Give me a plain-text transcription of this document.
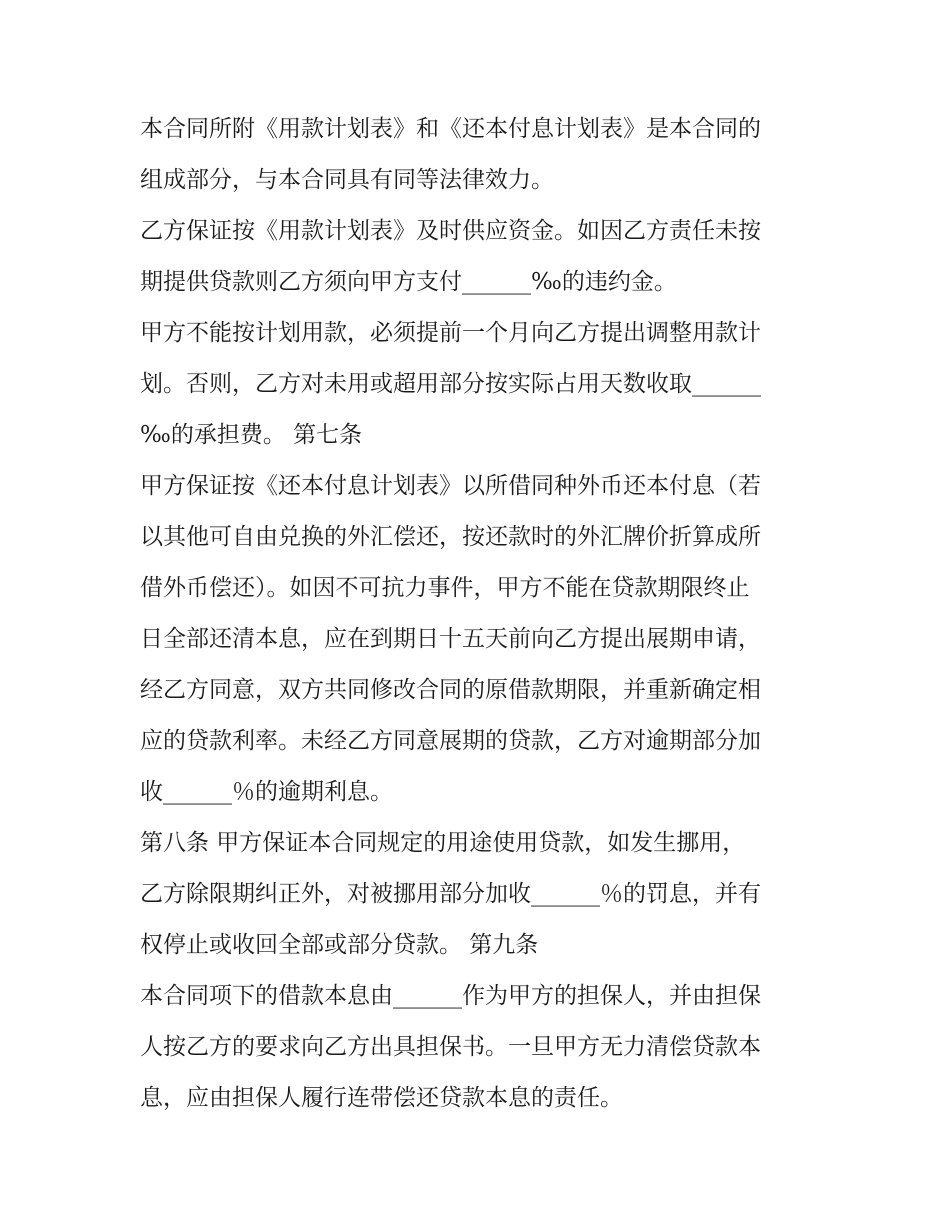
本合同所附《用款计划表》和《还本付息计划表》是本合同的
组成部分，与本合同具有同等法律效力。
乙方保证按《用款计划表》及时供应资金。如因乙方责任未按
期提供贷款则乙方须向甲方支付______‰的违约金。
甲方不能按计划用款，必须提前一个月向乙方提出调整用款计
划。否则，乙方对未用或超用部分按实际占用天数收取______
‰的承担费。 第七条
甲方保证按《还本付息计划表》以所借同种外币还本付息（若
以其他可自由兑换的外汇偿还，按还款时的外汇牌价折算成所
借外币偿还）。如因不可抗力事件，甲方不能在贷款期限终止
日全部还清本息，应在到期日十五天前向乙方提出展期申请，
经乙方同意，双方共同修改合同的原借款期限，并重新确定相
应的贷款利率。未经乙方同意展期的贷款，乙方对逾期部分加
收______％的逾期利息。
第八条 甲方保证本合同规定的用途使用贷款，如发生挪用，
乙方除限期纠正外，对被挪用部分加收______％的罚息，并有
权停止或收回全部或部分贷款。 第九条
本合同项下的借款本息由______作为甲方的担保人，并由担保
人按乙方的要求向乙方出具担保书。一旦甲方无力清偿贷款本
息，应由担保人履行连带偿还贷款本息的责任。
